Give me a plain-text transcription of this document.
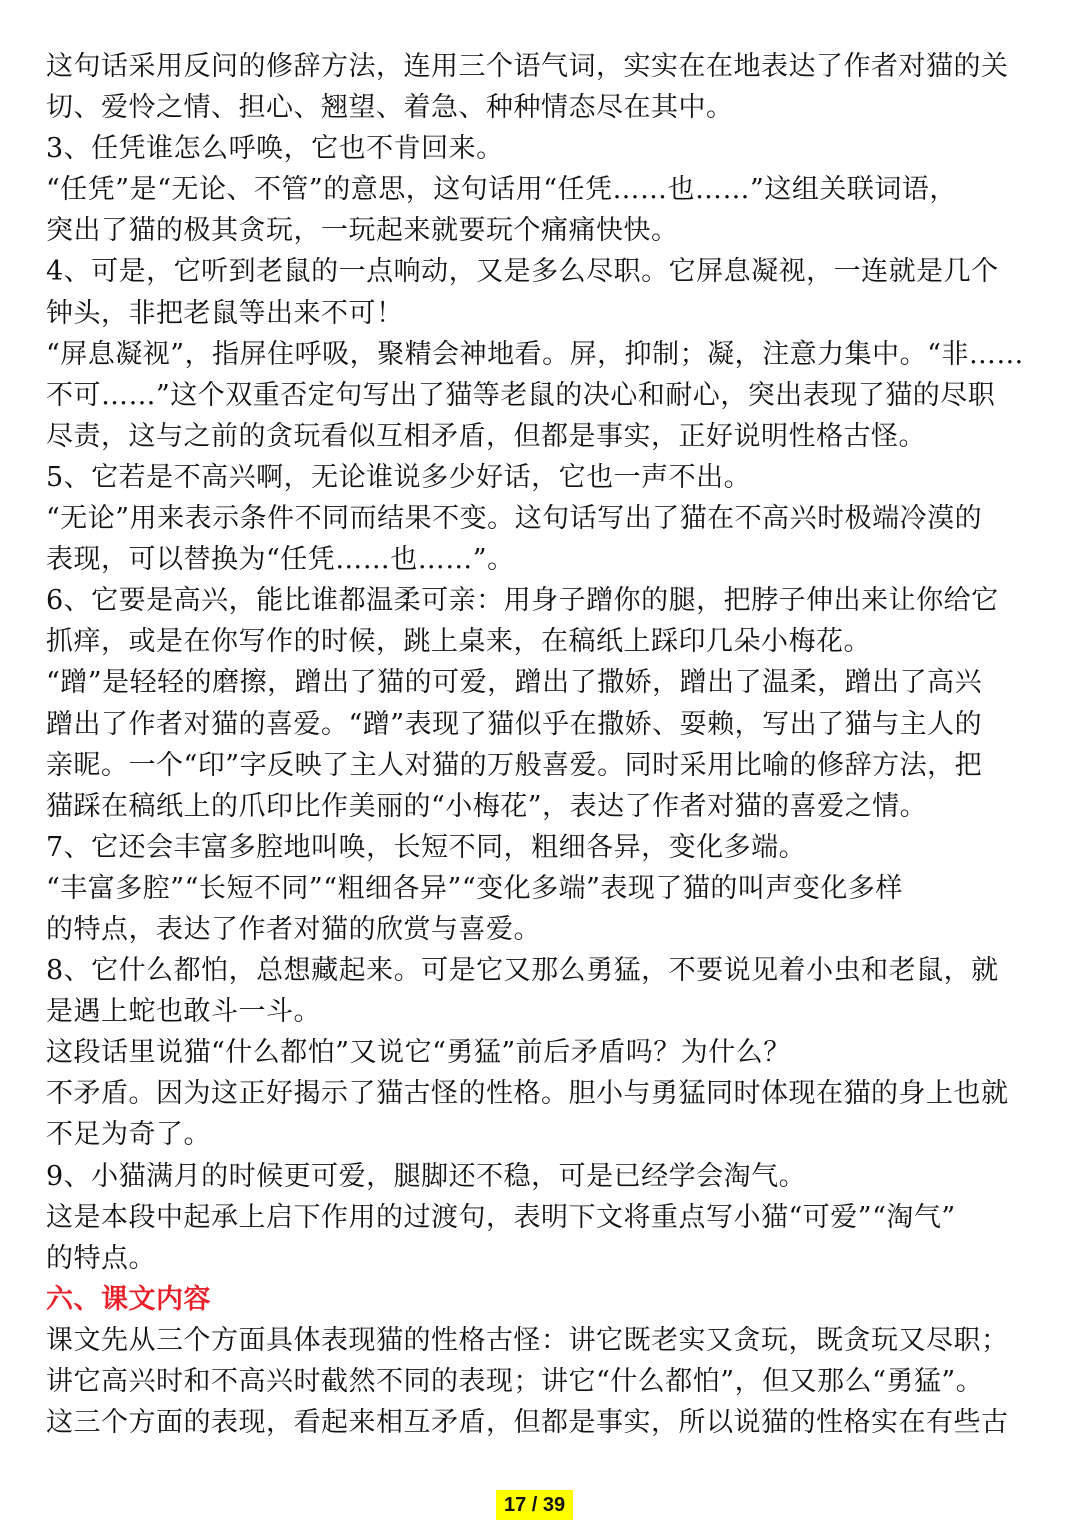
这句话采用反问的修辞方法，连用三个语气词，实实在在地表达了作者对猫的关
切、爱怜之情、担心、翘望、着急、种种情态尽在其中。
3、任凭谁怎么呼唤，它也不肯回来。
“任凭”是“无论、不管”的意思，这句话用“任凭……也……”这组关联词语，
突出了猫的极其贪玩，一玩起来就要玩个痛痛快快。
4、可是，它听到老鼠的一点响动，又是多么尽职。它屏息凝视，一连就是几个
钟头，非把老鼠等出来不可！
“屏息凝视”，指屏住呼吸，聚精会神地看。屏，抑制；凝，注意力集中。“非……
不可……”这个双重否定句写出了猫等老鼠的决心和耐心，突出表现了猫的尽职
尽责，这与之前的贪玩看似互相矛盾，但都是事实，正好说明性格古怪。
5、它若是不高兴啊，无论谁说多少好话，它也一声不出。
“无论”用来表示条件不同而结果不变。这句话写出了猫在不高兴时极端冷漠的
表现，可以替换为“任凭……也……”。
6、它要是高兴，能比谁都温柔可亲：用身子蹭你的腿，把脖子伸出来让你给它
抓痒，或是在你写作的时候，跳上桌来，在稿纸上踩印几朵小梅花。
“蹭”是轻轻的磨擦，蹭出了猫的可爱，蹭出了撒娇，蹭出了温柔，蹭出了高兴
蹭出了作者对猫的喜爱。“蹭”表现了猫似乎在撒娇、耍赖，写出了猫与主人的
亲昵。一个“印”字反映了主人对猫的万般喜爱。同时采用比喻的修辞方法，把
猫踩在稿纸上的爪印比作美丽的“小梅花”，表达了作者对猫的喜爱之情。
7、它还会丰富多腔地叫唤，长短不同，粗细各异，变化多端。
“丰富多腔”“长短不同”“粗细各异”“变化多端”表现了猫的叫声变化多样
的特点，表达了作者对猫的欣赏与喜爱。
8、它什么都怕，总想藏起来。可是它又那么勇猛，不要说见着小虫和老鼠，就
是遇上蛇也敢斗一斗。
这段话里说猫“什么都怕”又说它“勇猛”前后矛盾吗？为什么？
不矛盾。因为这正好揭示了猫古怪的性格。胆小与勇猛同时体现在猫的身上也就
不足为奇了。
9、小猫满月的时候更可爱，腿脚还不稳，可是已经学会淘气。
这是本段中起承上启下作用的过渡句，表明下文将重点写小猫“可爱”“淘气”
的特点。
六、课文内容
课文先从三个方面具体表现猫的性格古怪：讲它既老实又贪玩，既贪玩又尽职；
讲它高兴时和不高兴时截然不同的表现；讲它“什么都怕”，但又那么“勇猛”。
这三个方面的表现，看起来相互矛盾，但都是事实，所以说猫的性格实在有些古
17 / 39
